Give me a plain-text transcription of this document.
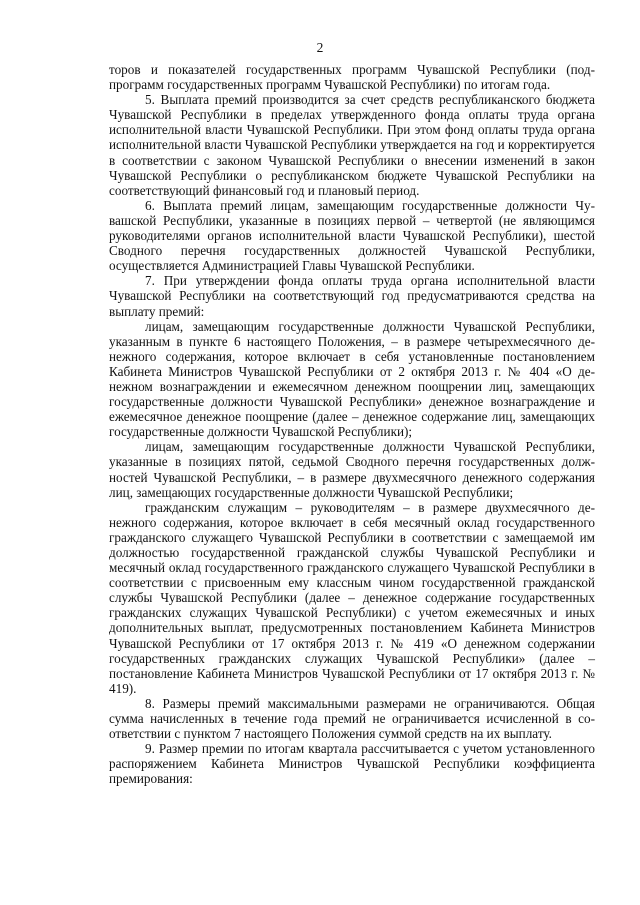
2

торов и показателей государственных программ Чувашской Республики (подпрограмм государственных программ Чувашской Республики) по итогам года.

5. Выплата премий производится за счет средств республиканского бюджета Чувашской Республики в пределах утвержденного фонда оплаты труда органа исполнительной власти Чувашской Республики. При этом фонд оплаты труда органа исполнительной власти Чувашской Республики утверждается на год и корректируется в соответствии с законом Чувашской Республики о внесении изменений в закон Чувашской Республики о республиканском бюджете Чувашской Республики на соответствующий финансовый год и плановый период.

6. Выплата премий лицам, замещающим государственные должности Чувашской Республики, указанные в позициях первой – четвертой (не являющимся руководителями органов исполнительной власти Чувашской Республики), шестой Сводного перечня государственных должностей Чувашской Республики, осуществляется Администрацией Главы Чувашской Республики.

7. При утверждении фонда оплаты труда органа исполнительной власти Чувашской Республики на соответствующий год предусматриваются средства на выплату премий:

лицам, замещающим государственные должности Чувашской Республики, указанным в пункте 6 настоящего Положения, – в размере четырехмесячного денежного содержания, которое включает в себя установленные постановлением Кабинета Министров Чувашской Республики от 2 октября 2013 г. № 404 «О денежном вознаграждении и ежемесячном денежном поощрении лиц, замещающих государственные должности Чувашской Республики» денежное вознаграждение и ежемесячное денежное поощрение (далее – денежное содержание лиц, замещающих государственные должности Чувашской Республики);

лицам, замещающим государственные должности Чувашской Республики, указанные в позициях пятой, седьмой Сводного перечня государственных должностей Чувашской Республики, – в размере двухмесячного денежного содержания лиц, замещающих государственные должности Чувашской Республики;

гражданским служащим – руководителям – в размере двухмесячного денежного содержания, которое включает в себя месячный оклад государственного гражданского служащего Чувашской Республики в соответствии с замещаемой им должностью государственной гражданской службы Чувашской Республики и месячный оклад государственного гражданского служащего Чувашской Республики в соответствии с присвоенным ему классным чином государственной гражданской службы Чувашской Республики (далее – денежное содержание государственных гражданских служащих Чувашской Республики) с учетом ежемесячных и иных дополнительных выплат, предусмотренных постановлением Кабинета Министров Чувашской Республики от 17 октября 2013 г. № 419 «О денежном содержании государственных гражданских служащих Чувашской Республики» (далее – постановление Кабинета Министров Чувашской Республики от 17 октября 2013 г. № 419).

8. Размеры премий максимальными размерами не ограничиваются. Общая сумма начисленных в течение года премий не ограничивается исчисленной в соответствии с пунктом 7 настоящего Положения суммой средств на их выплату.

9. Размер премии по итогам квартала рассчитывается с учетом установленного распоряжением Кабинета Министров Чувашской Республики коэффициента премирования:
